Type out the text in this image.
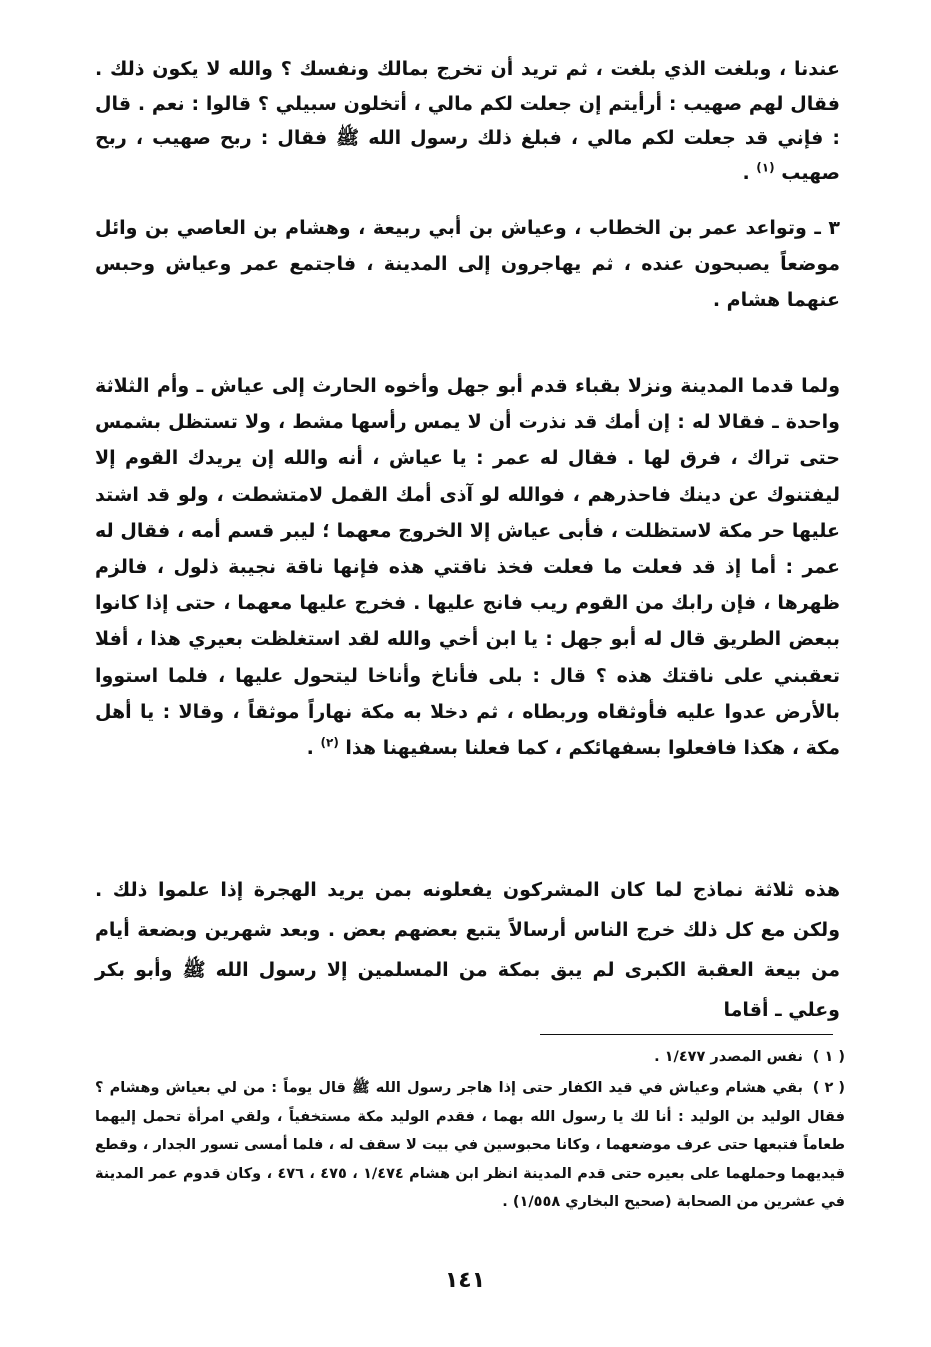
عندنا ، وبلغت الذي بلغت ، ثم تريد أن تخرج بمالك ونفسك ؟ والله لا يكون ذلك . فقال لهم صهيب : أرأيتم إن جعلت لكم مالي ، أتخلون سبيلي ؟ قالوا : نعم . قال : فإني قد جعلت لكم مالي ، فبلغ ذلك رسول الله ﷺ فقال : ربح صهيب ، ربح صهيب $^{(١)}$ .

٣ ـ وتواعد عمر بن الخطاب ، وعياش بن أبي ربيعة ، وهشام بن العاصي بن وائل موضعاً يصبحون عنده ، ثم يهاجرون إلى المدينة ، فاجتمع عمر وعياش وحبس عنهما هشام .

ولما قدما المدينة ونزلا بقباء قدم أبو جهل وأخوه الحارث إلى عياش ـ وأم الثلاثة واحدة ـ فقالا له : إن أمك قد نذرت أن لا يمس رأسها مشط ، ولا تستظل بشمس حتى تراك ، فرق لها . فقال له عمر : يا عياش ، أنه والله إن يريدك القوم إلا ليفتنوك عن دينك فاحذرهم ، فوالله لو آذى أمك القمل لامتشطت ، ولو قد اشتد عليها حر مكة لاستظلت ، فأبى عياش إلا الخروج معهما ؛ ليبر قسم أمه ، فقال له عمر : أما إذ قد فعلت ما فعلت فخذ ناقتي هذه فإنها ناقة نجيبة ذلول ، فالزم ظهرها ، فإن رابك من القوم ريب فانج عليها . فخرج عليها معهما ، حتى إذا كانوا ببعض الطريق قال له أبو جهل : يا ابن أخي والله لقد استغلظت بعيري هذا ، أفلا تعقبني على ناقتك هذه ؟ قال : بلى فأناخ وأناخا ليتحول عليها ، فلما استووا بالأرض عدوا عليه فأوثقاه وربطاه ، ثم دخلا به مكة نهاراً موثقاً ، وقالا : يا أهل مكة ، هكذا فافعلوا بسفهائكم ، كما فعلنا بسفيهنا هذا $^{(٢)}$ .

هذه ثلاثة نماذج لما كان المشركون يفعلونه بمن يريد الهجرة إذا علموا ذلك . ولكن مع كل ذلك خرج الناس أرسالاً يتبع بعضهم بعض . وبعد شهرين وبضعة أيام من بيعة العقبة الكبرى لم يبق بمكة من المسلمين إلا رسول الله ﷺ وأبو بكر وعلي ـ أقاما

( ١ )نفس المصدر ١/٤٧٧ .

( ٢ )بقي هشام وعياش في قيد الكفار حتى إذا هاجر رسول الله ﷺ قال يوماً : من لي بعياش وهشام ؟ فقال الوليد بن الوليد : أنا لك يا رسول الله بهما ، فقدم الوليد مكة مستخفياً ، ولقي امرأة تحمل إليهما طعاماً فتبعها حتى عرف موضعهما ، وكانا محبوسين في بيت لا سقف له ، فلما أمسى تسور الجدار ، وقطع قيديهما وحملهما على بعيره حتى قدم المدينة انظر ابن هشام ١/٤٧٤ ، ٤٧٥ ، ٤٧٦ ، وكان قدوم عمر المدينة في عشرين من الصحابة (صحيح البخاري ١/٥٥٨) .

١٤١
